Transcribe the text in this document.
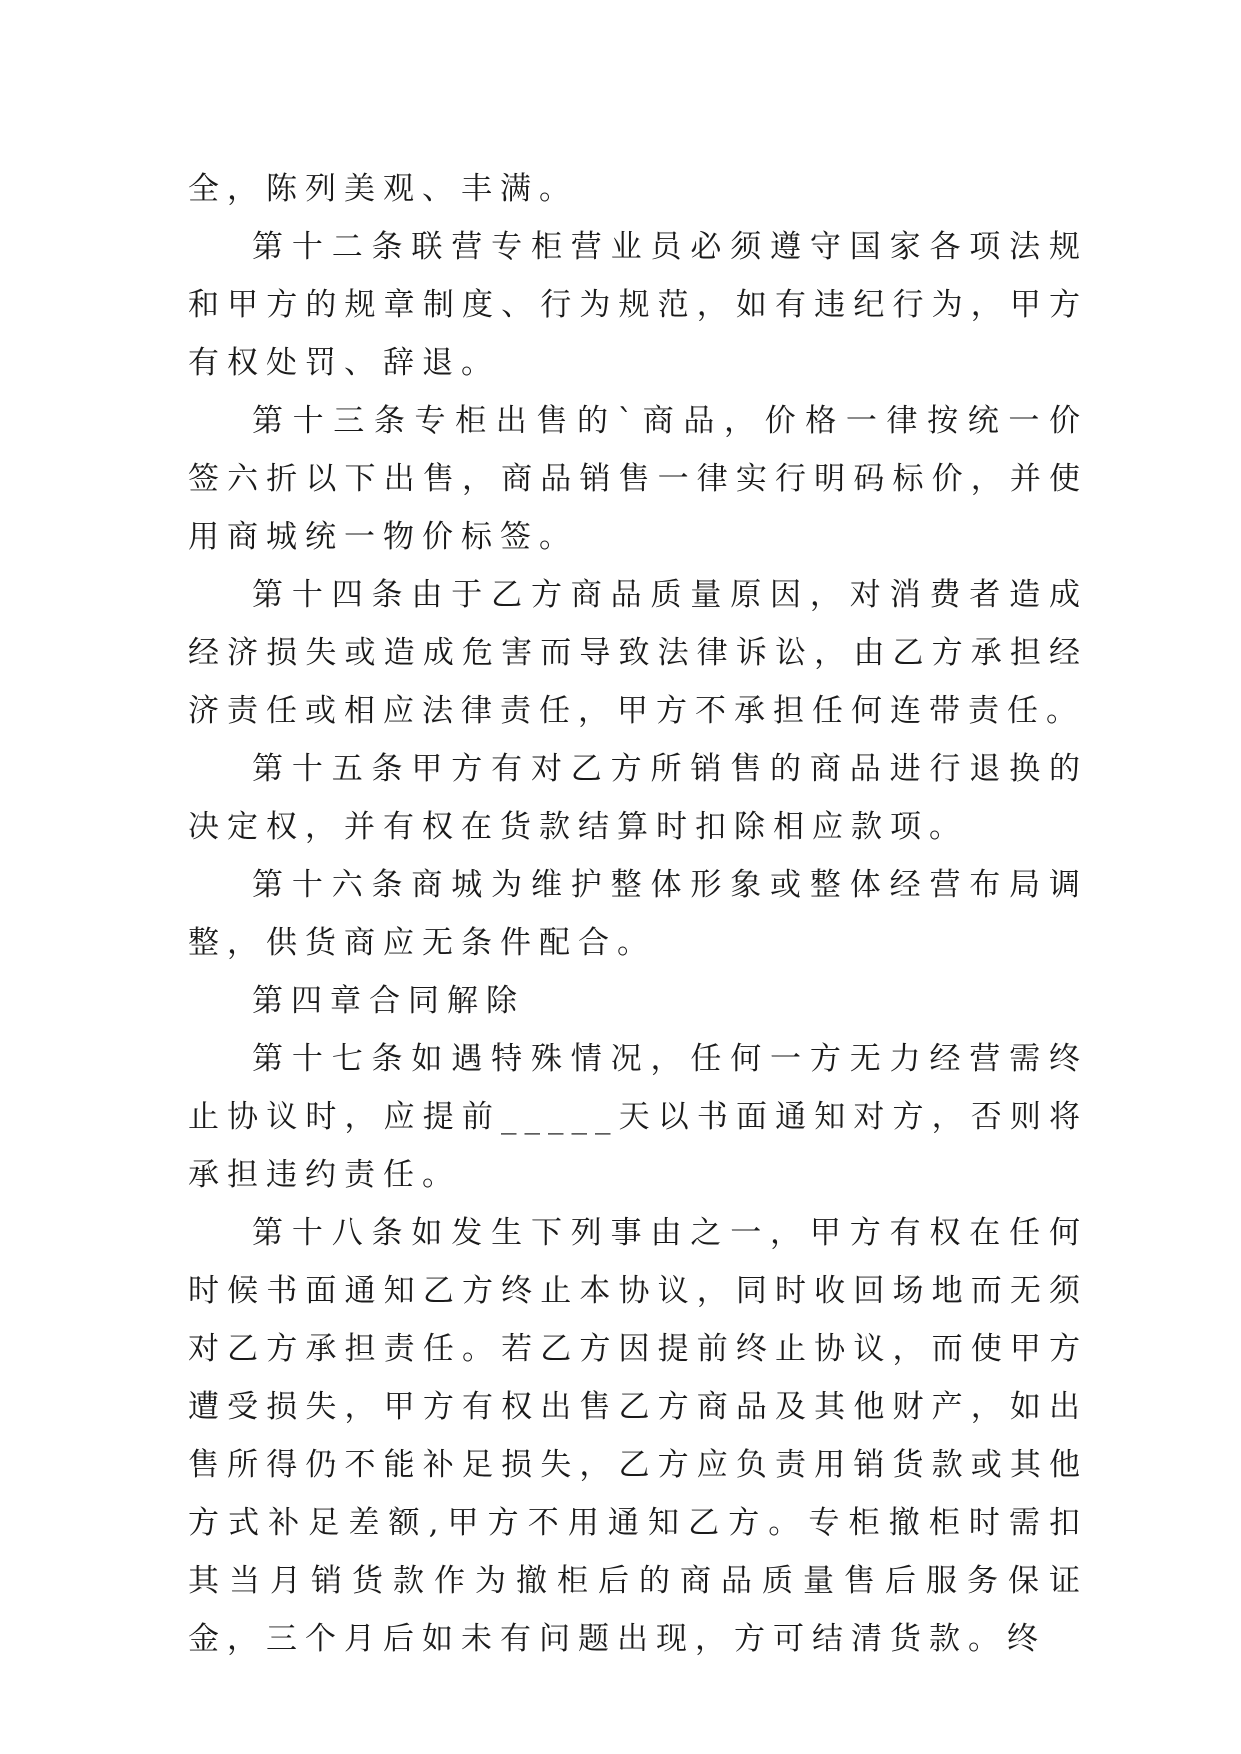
全，陈列美观、丰满。

第十二条联营专柜营业员必须遵守国家各项法规和甲方的规章制度、行为规范，如有违纪行为，甲方有权处罚、辞退。

第十三条专柜出售的`商品，价格一律按统一价签六折以下出售，商品销售一律实行明码标价，并使用商城统一物价标签。

第十四条由于乙方商品质量原因，对消费者造成经济损失或造成危害而导致法律诉讼，由乙方承担经济责任或相应法律责任，甲方不承担任何连带责任。

第十五条甲方有对乙方所销售的商品进行退换的决定权，并有权在货款结算时扣除相应款项。

第十六条商城为维护整体形象或整体经营布局调整，供货商应无条件配合。

第四章合同解除

第十七条如遇特殊情况，任何一方无力经营需终止协议时，应提前_____天以书面通知对方，否则将承担违约责任。

第十八条如发生下列事由之一，甲方有权在任何时候书面通知乙方终止本协议，同时收回场地而无须对乙方承担责任。若乙方因提前终止协议，而使甲方遭受损失，甲方有权出售乙方商品及其他财产，如出售所得仍不能补足损失，乙方应负责用销货款或其他方式补足差额,甲方不用通知乙方。专柜撤柜时需扣其当月销货款作为撤柜后的商品质量售后服务保证金，三个月后如未有问题出现，方可结清货款。终
